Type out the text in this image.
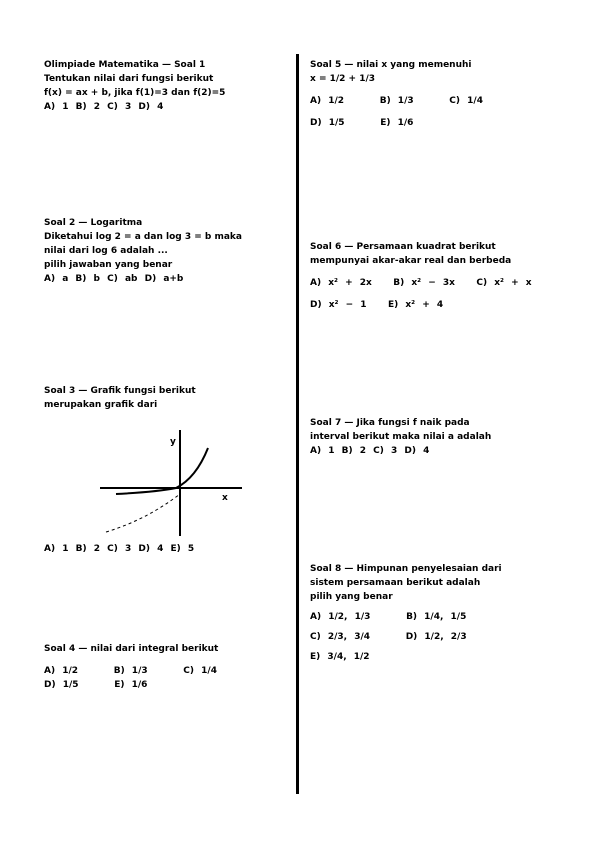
Olimpiade Matematika — Soal 1
Tentukan nilai dari fungsi berikut
f(x) = ax + b, jika f(1)=3 dan f(2)=5
A) 1 B) 2 C) 3 D) 4
Soal 2 — Logaritma
Diketahui log 2 = a dan log 3 = b maka
nilai dari log 6 adalah ...
pilih jawaban yang benar
A) a B) b C) ab D) a+b
Soal 3 — Grafik fungsi berikut
merupakan grafik dari
x
y
A) 1 B) 2 C) 3 D) 4 E) 5
Soal 4 — nilai dari integral berikut
A) 1/2	B) 1/3	C) 1/4
D) 1/5	E) 1/6
Soal 5 — nilai x yang memenuhi
x = 1/2 + 1/3
A) 1/2	B) 1/3	C) 1/4
D) 1/5	E) 1/6
Soal 6 — Persamaan kuadrat berikut
mempunyai akar-akar real dan berbeda
A) x² + 2x B) x² − 3x C) x² + x
D) x² − 1 E) x² + 4
Soal 7 — Jika fungsi f naik pada
interval berikut maka nilai a adalah
A) 1 B) 2 C) 3 D) 4
Soal 8 — Himpunan penyelesaian dari
sistem persamaan berikut adalah
pilih yang benar
A) 1/2, 1/3	B) 1/4, 1/5
C) 2/3, 3/4	D) 1/2, 2/3
E) 3/4, 1/2
